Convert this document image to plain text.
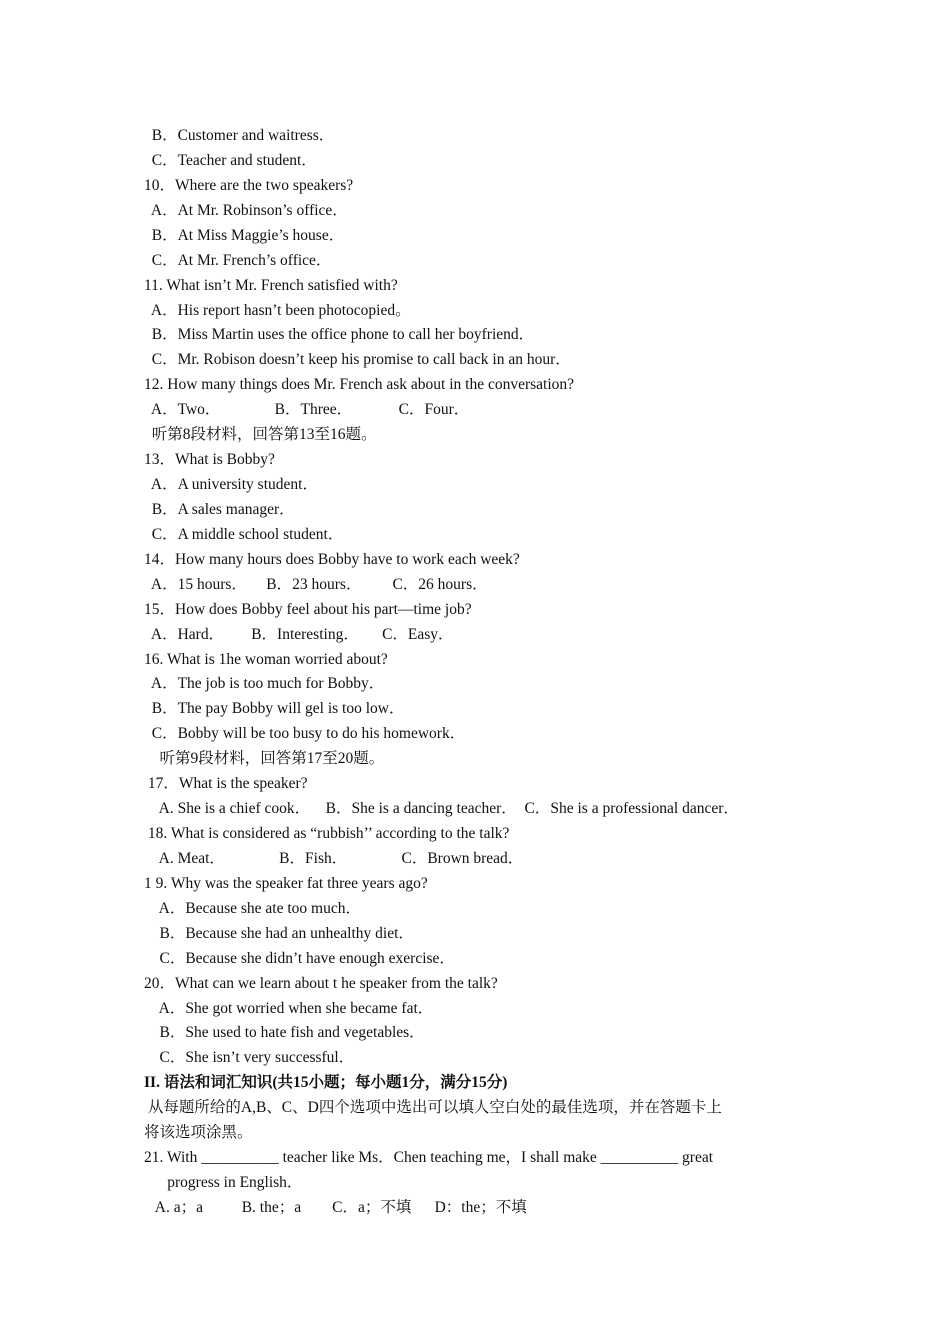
B．Customer and waitress．
C．Teacher and student．
10．Where are the two speakers?
A．At Mr. Robinson’s office．
B．At Miss Maggie’s house．
C．At Mr. French’s office．
11. What isn’t Mr. French satisfied with?
A．His report hasn’t been photocopied。
B．Miss Martin uses the office phone to call her boyfriend．
C．Mr. Robison doesn’t keep his promise to call back in an hour．
12. How many things does Mr. French ask about in the conversation?
A．Two．              B．Three．            C．Four．
听第8段材料，回答第13至16题。
13．What is Bobby?
A．A university student．
B．A sales manager．
C．A middle school student．
14．How many hours does Bobby have to work each week?
A．15 hours．     B．23 hours．        C．26 hours．
15．How does Bobby feel about his part—time job?
A．Hard．       B．Interesting．      C．Easy．
16. What is 1he woman worried about?
A．The job is too much for Bobby．
B．The pay Bobby will gel is too low．
C．Bobby will be too busy to do his homework．
听第9段材料，回答第17至20题。
17．What is the speaker?
A. She is a chief cook．    B．She is a dancing teacher．  C．She is a professional dancer．
18. What is considered as “rubbish’’ according to the talk?
A. Meat．              B．Fish．              C．Brown bread．
1 9. Why was the speaker fat three years ago?
A．Because she ate too much．
B．Because she had an unhealthy diet．
C．Because she didn’t have enough exercise．
20．What can we learn about t he speaker from the talk?
A．She got worried when she became fat．
B．She used to hate fish and vegetables．
C．She isn’t very successful．
II. 语法和词汇知识(共15小题；每小题1分，满分15分)
从每题所给的A,B、C、D四个选项中选出可以填人空白处的最佳选项，并在答题卡上
将该选项涂黑。
21. With __________ teacher like Ms．Chen teaching me，I shall make __________ great
progress in English．
A. a；a          B. the；a        C．a；不填      D：the；不填
